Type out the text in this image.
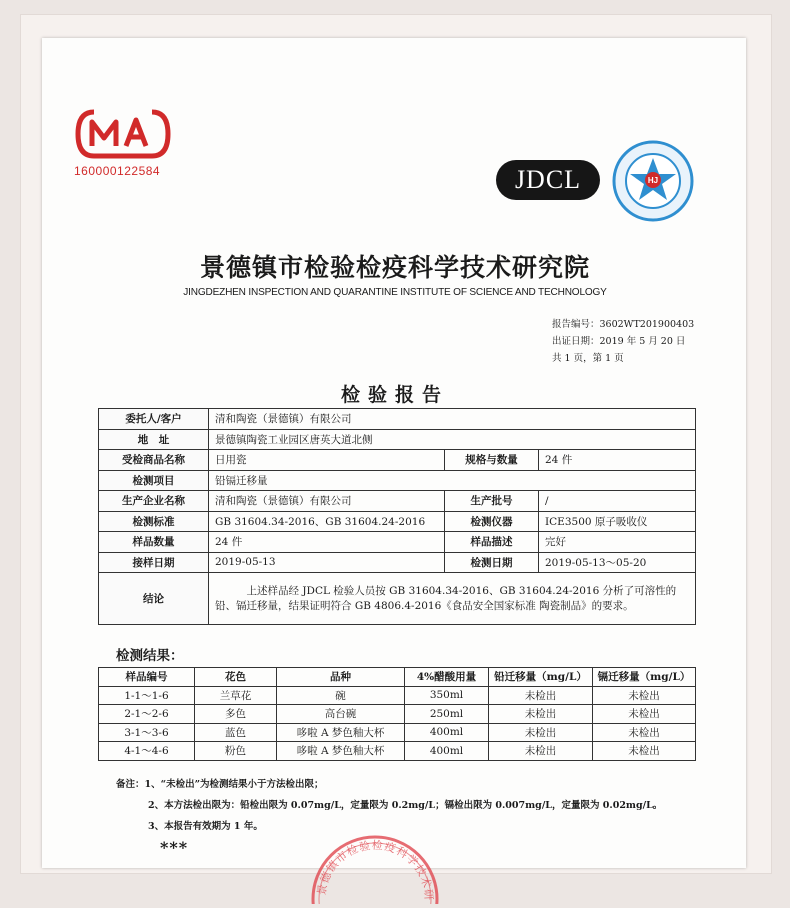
160000122584	JDCL	HJ
景德镇市检验检疫科学技术研究院
JINGDEZHEN INSPECTION AND QUARANTINE INSTITUTE OF SCIENCE AND TECHNOLOGY
报告编号：3602WT201900403
出证日期：2019 年 5 月 20 日
共 1 页，第 1 页
检验报告
委托人/客户	清和陶瓷（景德镇）有限公司		
地　址	景德镇陶瓷工业园区唐英大道北侧		
受检商品名称	日用瓷	规格与数量	24 件
检测项目	铅镉迁移量		
生产企业名称	清和陶瓷（景德镇）有限公司	生产批号	/
检测标准	GB 31604.34-2016、GB 31604.24-2016	检测仪器	ICE3500 原子吸收仪
样品数量	24 件	样品描述	完好
接样日期	2019-05-13	检测日期	2019-05-13～05-20
结论	上述样品经 JDCL 检验人员按 GB 31604.34-2016、GB 31604.24-2016 分析了可溶性的铅、镉迁移量，结果证明符合 GB 4806.4-2016《食品安全国家标准 陶瓷制品》的要求。		
检测结果：
样品编号	花色	品种	4%醋酸用量	铅迁移量（mg/L）	镉迁移量（mg/L）
1-1～1-6	兰草花	碗	350ml	未检出	未检出
2-1～2-6	多色	高台碗	250ml	未检出	未检出
3-1～3-6	蓝色	哆啦 A 梦色釉大杯	400ml	未检出	未检出
4-1～4-6	粉色	哆啦 A 梦色釉大杯	400ml	未检出	未检出
备注：1、“未检出”为检测结果小于方法检出限；
2、本方法检出限为：铅检出限为 0.07mg/L，定量限为 0.2mg/L；镉检出限为 0.007mg/L，定量限为 0.02mg/L。
3、本报告有效期为 1 年。
***
景德镇市检验检疫科学技术研
